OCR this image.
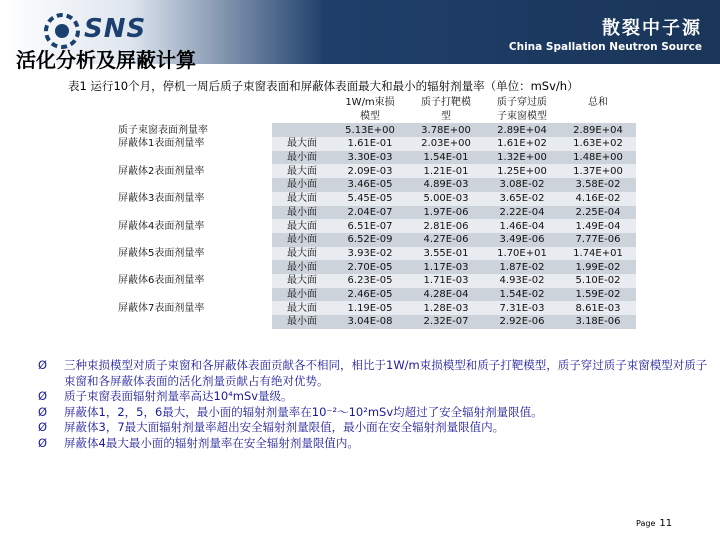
SNS	散裂中子源
China Spallation Neutron Source
活化分析及屏蔽计算
表1 运行10个月，停机一周后质子束窗表面和屏蔽体表面最大和最小的辐射剂量率（单位：mSv/h）
		1W/m束损	质子打靶模	质子穿过质	总和
		模型	型	子束窗模型	
质子束窗表面剂量率		5.13E+00	3.78E+00	2.89E+04	2.89E+04
屏蔽体1表面剂量率	最大面	1.61E-01	2.03E+00	1.61E+02	1.63E+02
	最小面	3.30E-03	1.54E-01	1.32E+00	1.48E+00
屏蔽体2表面剂量率	最大面	2.09E-03	1.21E-01	1.25E+00	1.37E+00
	最小面	3.46E-05	4.89E-03	3.08E-02	3.58E-02
屏蔽体3表面剂量率	最大面	5.45E-05	5.00E-03	3.65E-02	4.16E-02
	最小面	2.04E-07	1.97E-06	2.22E-04	2.25E-04
屏蔽体4表面剂量率	最大面	6.51E-07	2.81E-06	1.46E-04	1.49E-04
	最小面	6.52E-09	4.27E-06	3.49E-06	7.77E-06
屏蔽体5表面剂量率	最大面	3.93E-02	3.55E-01	1.70E+01	1.74E+01
	最小面	2.70E-05	1.17E-03	1.87E-02	1.99E-02
屏蔽体6表面剂量率	最大面	6.23E-05	1.71E-03	4.93E-02	5.10E-02
	最小面	2.46E-05	4.28E-04	1.54E-02	1.59E-02
屏蔽体7表面剂量率	最大面	1.19E-05	1.28E-03	7.31E-03	8.61E-03
	最小面	3.04E-08	2.32E-07	2.92E-06	3.18E-06
Ø 三种束损模型对质子束窗和各屏蔽体表面贡献各不相同，相比于1W/m束损模型和质子打靶模型，质子穿过质子束窗模型对质子束窗和各屏蔽体表面的活化剂量贡献占有绝对优势。
Ø 质子束窗表面辐射剂量率高达10⁴mSv量级。
Ø 屏蔽体1，2，5，6最大，最小面的辐射剂量率在10⁻²～10²mSv均超过了安全辐射剂量限值。
Ø 屏蔽体3，7最大面辐射剂量率超出安全辐射剂量限值，最小面在安全辐射剂量限值内。
Ø 屏蔽体4最大最小面的辐射剂量率在安全辐射剂量限值内。
Page 11
